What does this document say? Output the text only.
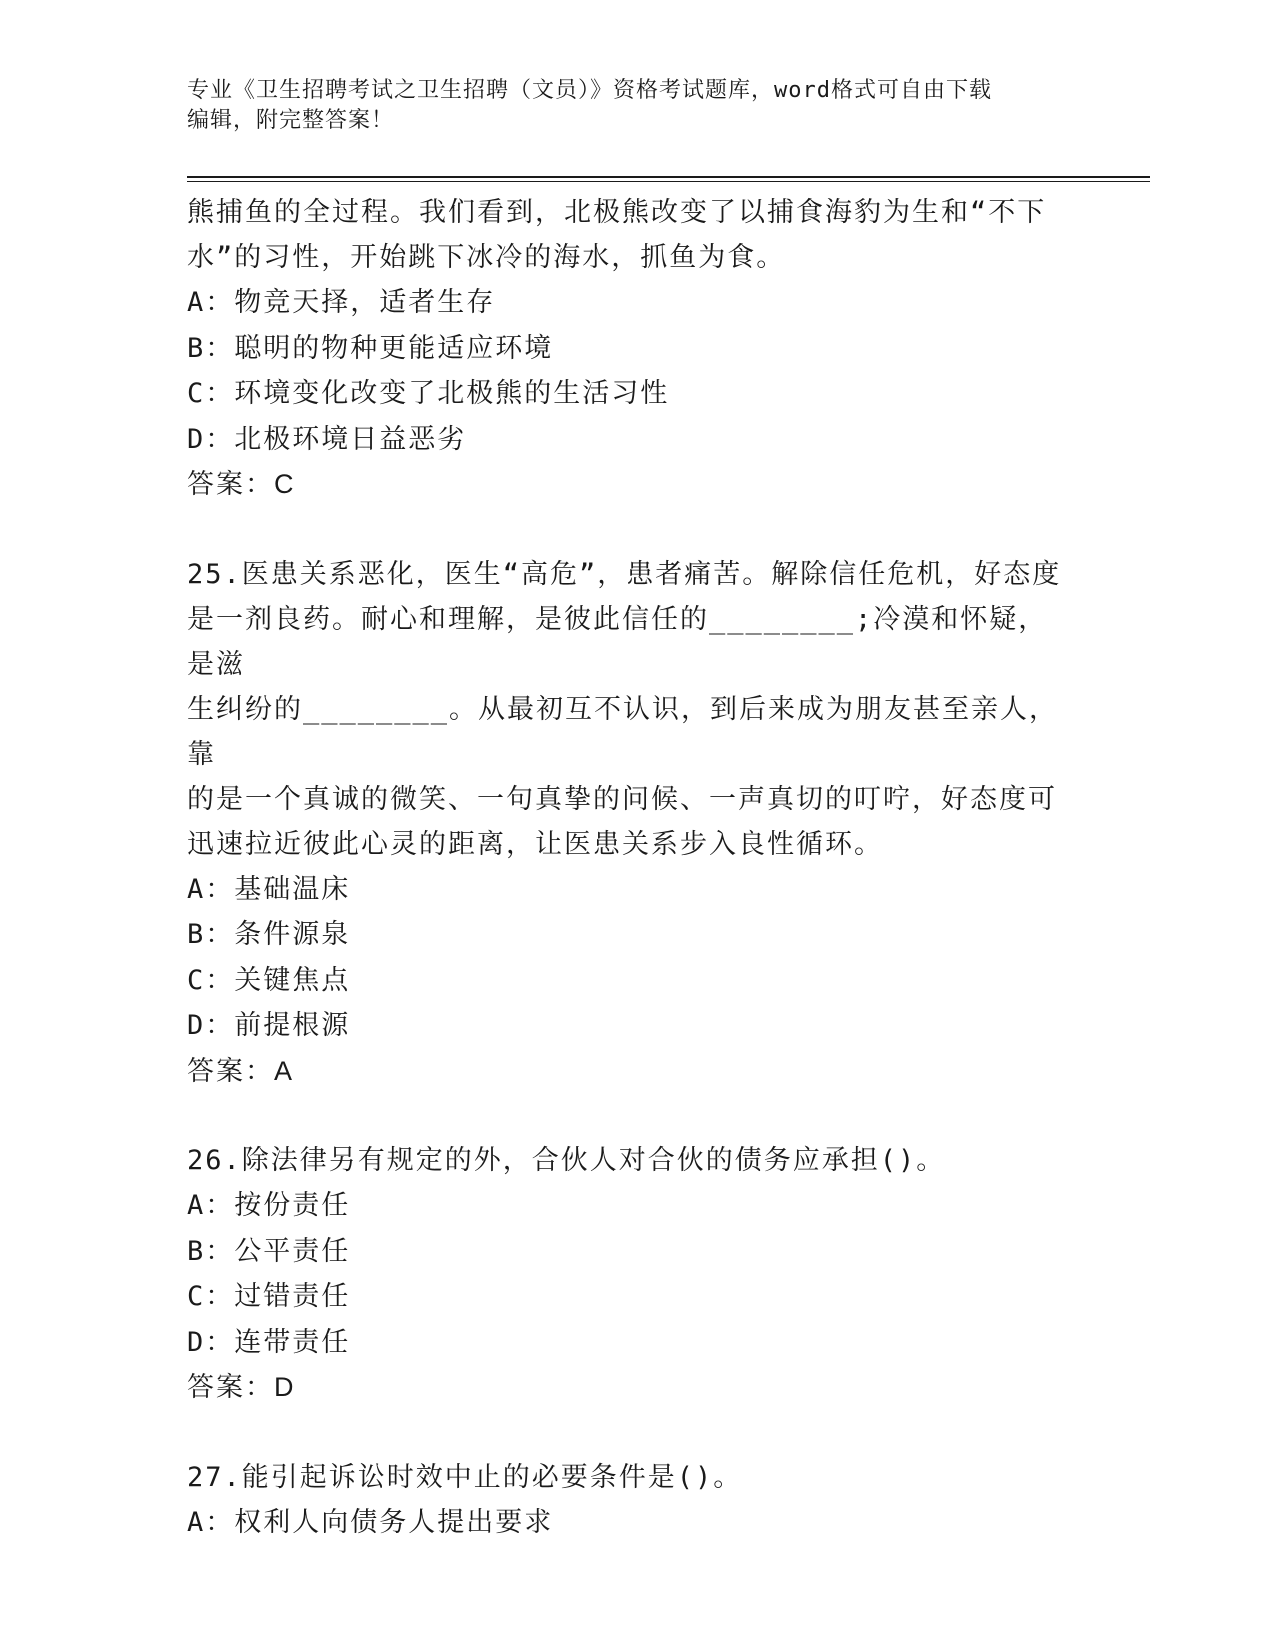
专业《卫生招聘考试之卫生招聘（文员）》资格考试题库，word格式可自由下载
编辑，附完整答案！

熊捕鱼的全过程。我们看到，北极熊改变了以捕食海豹为生和“不下

水”的习性，开始跳下冰冷的海水，抓鱼为食。

A：物竞天择，适者生存

B：聪明的物种更能适应环境

C：环境变化改变了北极熊的生活习性

D：北极环境日益恶劣

答案：C

25.医患关系恶化，医生“高危”，患者痛苦。解除信任危机，好态度

是一剂良药。耐心和理解，是彼此信任的________;冷漠和怀疑，是滋

生纠纷的________。从最初互不认识，到后来成为朋友甚至亲人，靠

的是一个真诚的微笑、一句真挚的问候、一声真切的叮咛，好态度可

迅速拉近彼此心灵的距离，让医患关系步入良性循环。

A：基础温床

B：条件源泉

C：关键焦点

D：前提根源

答案：A

26.除法律另有规定的外，合伙人对合伙的债务应承担()。

A：按份责任

B：公平责任

C：过错责任

D：连带责任

答案：D

27.能引起诉讼时效中止的必要条件是()。

A：权利人向债务人提出要求
